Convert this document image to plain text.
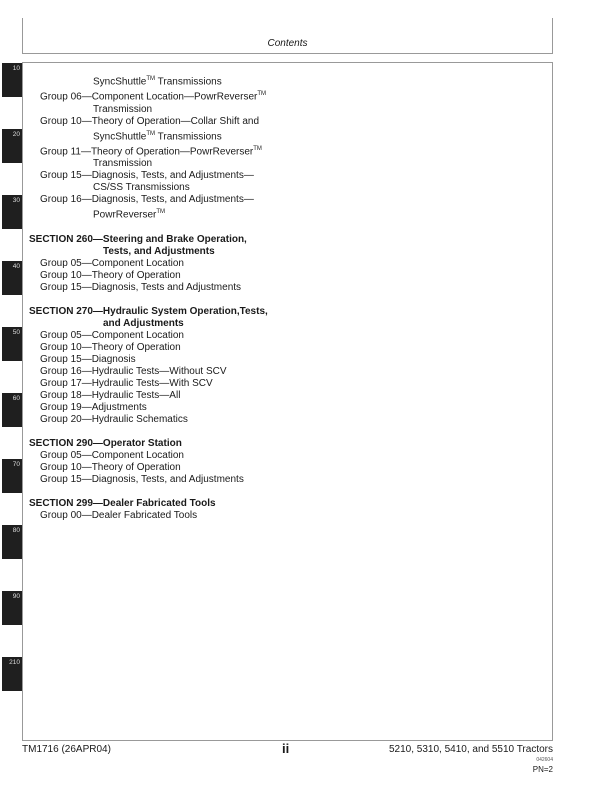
Contents
10
20
30
40
50
60
70
80
90
210
SyncShuttle™ Transmissions
Group 06—Component Location—PowrReverser™
Transmission
Group 10—Theory of Operation—Collar Shift and
SyncShuttle™ Transmissions
Group 11—Theory of Operation—PowrReverser™
Transmission
Group 15—Diagnosis, Tests, and Adjustments—
CS/SS Transmissions
Group 16—Diagnosis, Tests, and Adjustments—
PowrReverser™
SECTION 260—Steering and Brake Operation,
Tests, and Adjustments
Group 05—Component Location
Group 10—Theory of Operation
Group 15—Diagnosis, Tests and Adjustments
SECTION 270—Hydraulic System Operation,Tests,
and Adjustments
Group 05—Component Location
Group 10—Theory of Operation
Group 15—Diagnosis
Group 16—Hydraulic Tests—Without SCV
Group 17—Hydraulic Tests—With SCV
Group 18—Hydraulic Tests—All
Group 19—Adjustments
Group 20—Hydraulic Schematics
SECTION 290—Operator Station
Group 05—Component Location
Group 10—Theory of Operation
Group 15—Diagnosis, Tests, and Adjustments
SECTION 299—Dealer Fabricated Tools
Group 00—Dealer Fabricated Tools
TM1716 (26APR04)	ii	5210, 5310, 5410, and 5510 Tractors
042604
PN=2
